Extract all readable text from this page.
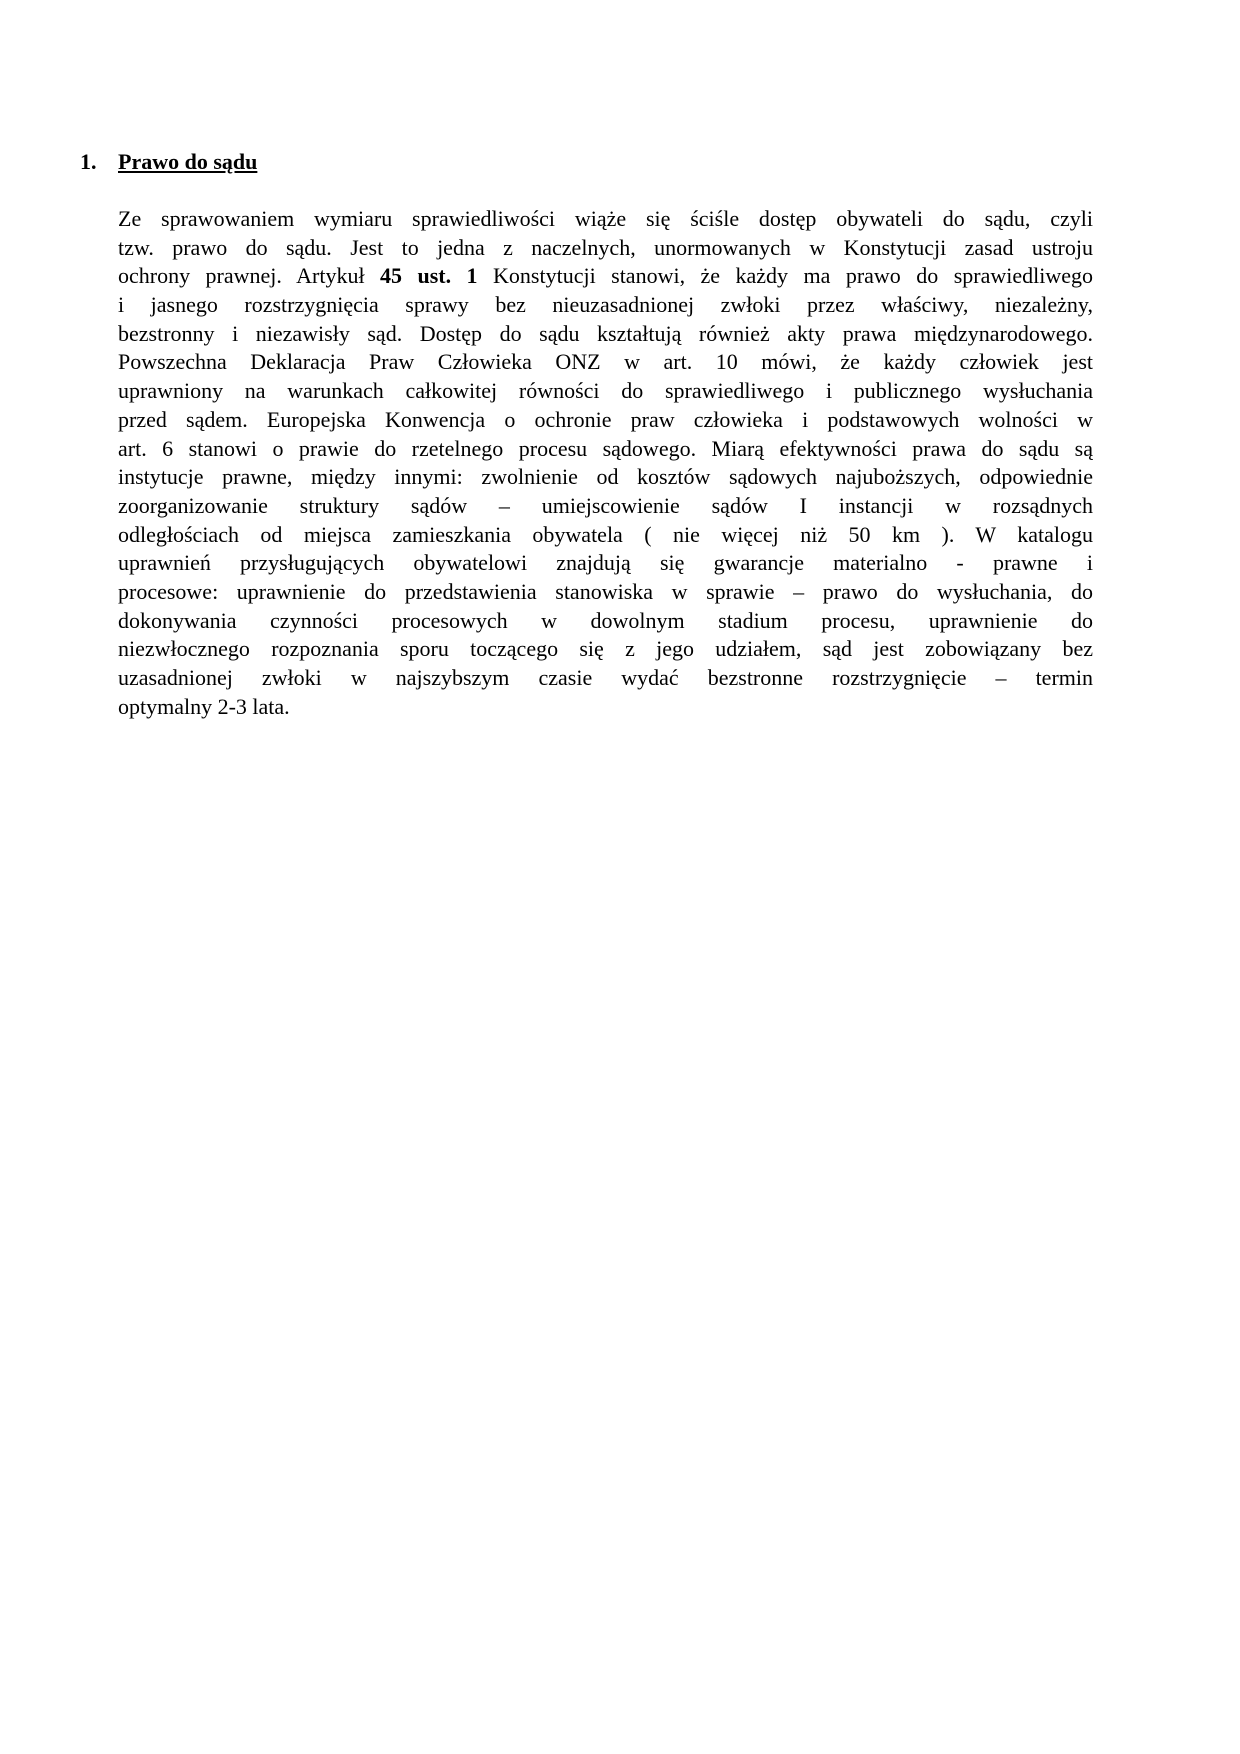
1. Prawo do sądu
Ze sprawowaniem wymiaru sprawiedliwości wiąże się ściśle dostęp obywateli do sądu, czyli
tzw. prawo do sądu. Jest to jedna z naczelnych, unormowanych w Konstytucji zasad ustroju
ochrony prawnej. Artykuł 45 ust. 1 Konstytucji stanowi, że każdy ma prawo do sprawiedliwego
i jasnego rozstrzygnięcia sprawy bez nieuzasadnionej zwłoki przez właściwy, niezależny,
bezstronny i niezawisły sąd. Dostęp do sądu kształtują również akty prawa międzynarodowego.
Powszechna Deklaracja Praw Człowieka ONZ w art. 10 mówi, że każdy człowiek jest
uprawniony na warunkach całkowitej równości do sprawiedliwego i publicznego wysłuchania
przed sądem. Europejska Konwencja o ochronie praw człowieka i podstawowych wolności w
art. 6 stanowi o prawie do rzetelnego procesu sądowego. Miarą efektywności prawa do sądu są
instytucje prawne, między innymi: zwolnienie od kosztów sądowych najuboższych, odpowiednie
zoorganizowanie struktury sądów – umiejscowienie sądów I instancji w rozsądnych
odległościach od miejsca zamieszkania obywatela ( nie więcej niż 50 km ). W katalogu
uprawnień przysługujących obywatelowi znajdują się gwarancje materialno - prawne i
procesowe: uprawnienie do przedstawienia stanowiska w sprawie – prawo do wysłuchania, do
dokonywania czynności procesowych w dowolnym stadium procesu, uprawnienie do
niezwłocznego rozpoznania sporu toczącego się z jego udziałem, sąd jest zobowiązany bez
uzasadnionej zwłoki w najszybszym czasie wydać bezstronne rozstrzygnięcie – termin
optymalny 2-3 lata.
